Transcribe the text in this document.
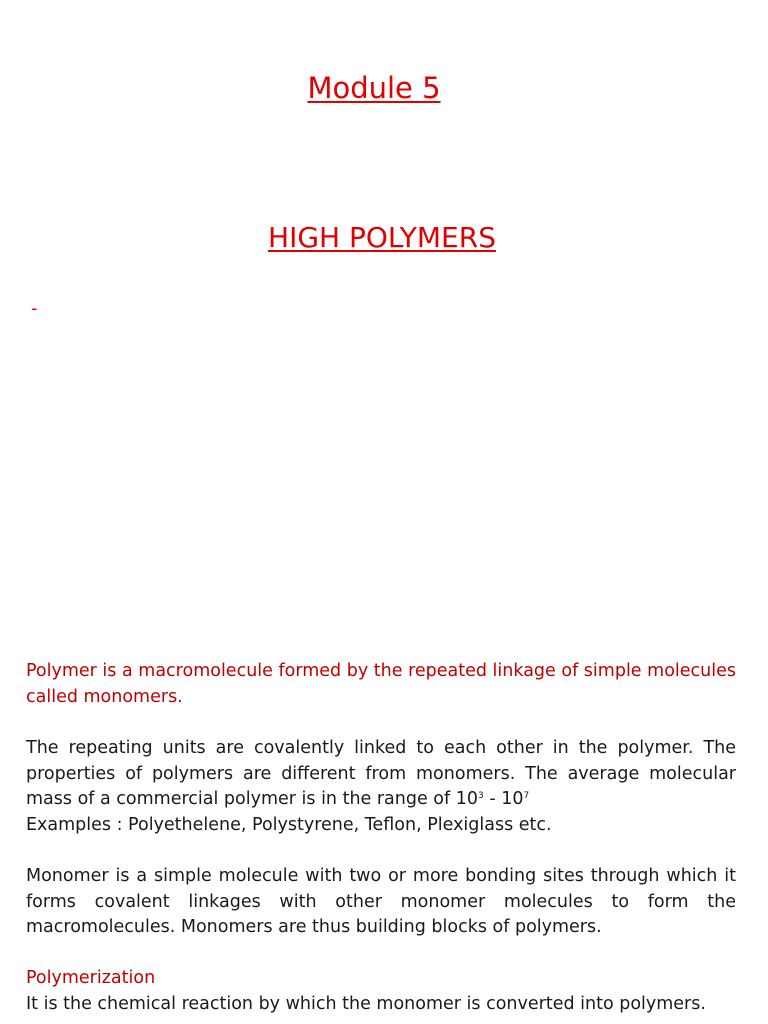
Module 5
HIGH POLYMERS
-
Polymer is a macromolecule formed by the repeated linkage of simple molecules called monomers.
The repeating units are covalently linked to each other in the polymer. The properties of polymers are different from monomers. The average molecular mass of a commercial polymer is in the range of $10^3 - 10^7$
Examples : Polyethelene, Polystyrene, Teflon, Plexiglass etc.
Monomer is a simple molecule with two or more bonding sites through which it forms covalent linkages with other monomer molecules to form the macromolecules. Monomers are thus building blocks of polymers.
Polymerization
It is the chemical reaction by which the monomer is converted into polymers.
